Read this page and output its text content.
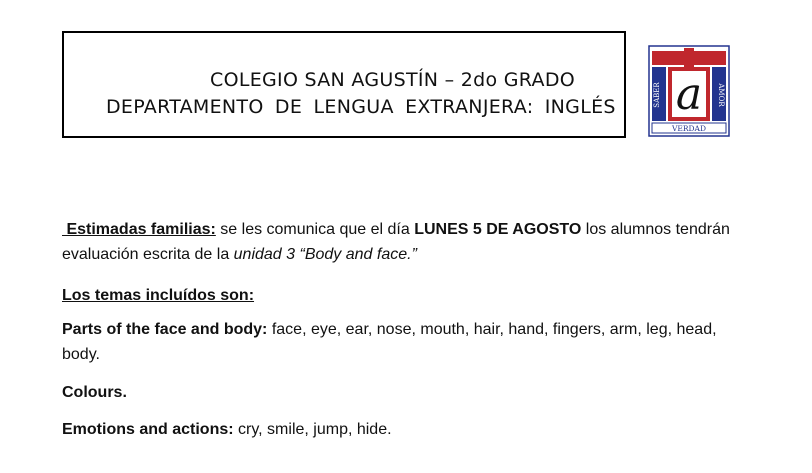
COLEGIO SAN AGUSTÍN – 2do GRADO
DEPARTAMENTO DE LENGUA EXTRANJERA: INGLÉS a
SABER	AMOR
VERDAD
Estimadas familias: se les comunica que el día LUNES 5 DE AGOSTO los alumnos tendrán evaluación escrita de la unidad 3 “Body and face.”
Los temas incluídos son:
Parts of the face and body: face, eye, ear, nose, mouth, hair, hand, fingers, arm, leg, head, body.
Colours.
Emotions and actions: cry, smile, jump, hide.
